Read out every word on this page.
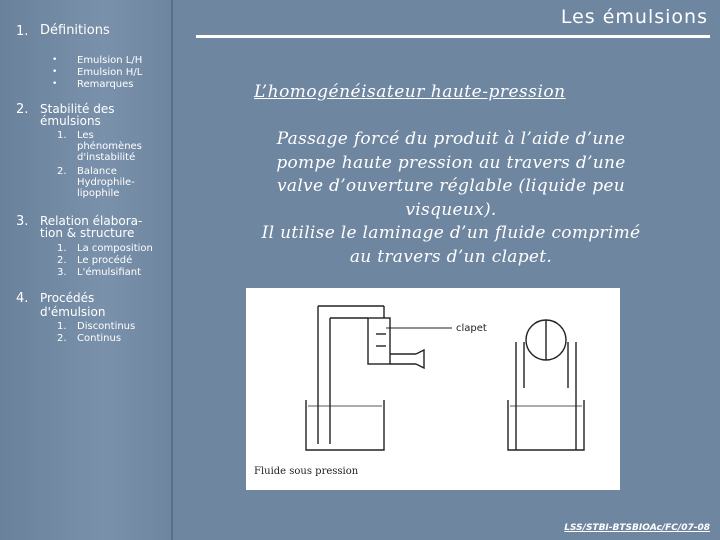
1. Définitions
• Emulsion L/H
• Emulsion H/L
• Remarques
2. Stabilité des
émulsions
1. Les
phénomènes
d'instabilité
2. Balance
Hydrophile-
lipophile
3. Relation élabora-
tion & structure
1. La composition
2. Le procédé
3. L'émulsifiant
4. Procédés
d'émulsion
1. Discontinus
2. Continus
Les émulsions
L’homogénéisateur haute-pression
Passage forcé du produit à l’aide d’une
pompe haute pression au travers d’une
valve d’ouverture réglable (liquide peu
visqueux).
Il utilise le laminage d’un fluide comprimé
au travers d’un clapet.
clapet
Fluide sous pression
LSS/STBI-BTSBIOAc/FC/07-08
